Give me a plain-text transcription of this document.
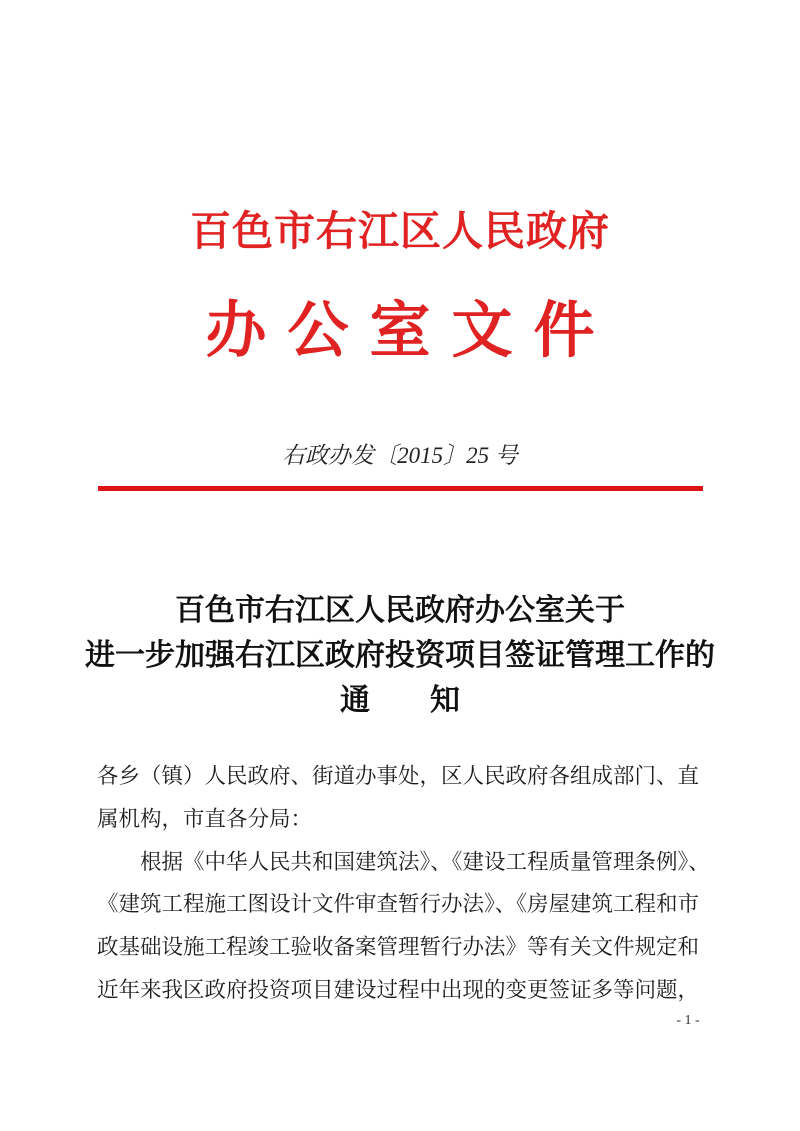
百色市右江区人民政府
办公室文件
右政办发〔2015〕25 号
百色市右江区人民政府办公室关于
进一步加强右江区政府投资项目签证管理工作的
通　　知
各乡（镇）人民政府、街道办事处，区人民政府各组成部门、直
属机构，市直各分局：
根据《中华人民共和国建筑法》、《建设工程质量管理条例》、
《建筑工程施工图设计文件审查暂行办法》、《房屋建筑工程和市
政基础设施工程竣工验收备案管理暂行办法》等有关文件规定和
近年来我区政府投资项目建设过程中出现的变更签证多等问题，
- 1 -
